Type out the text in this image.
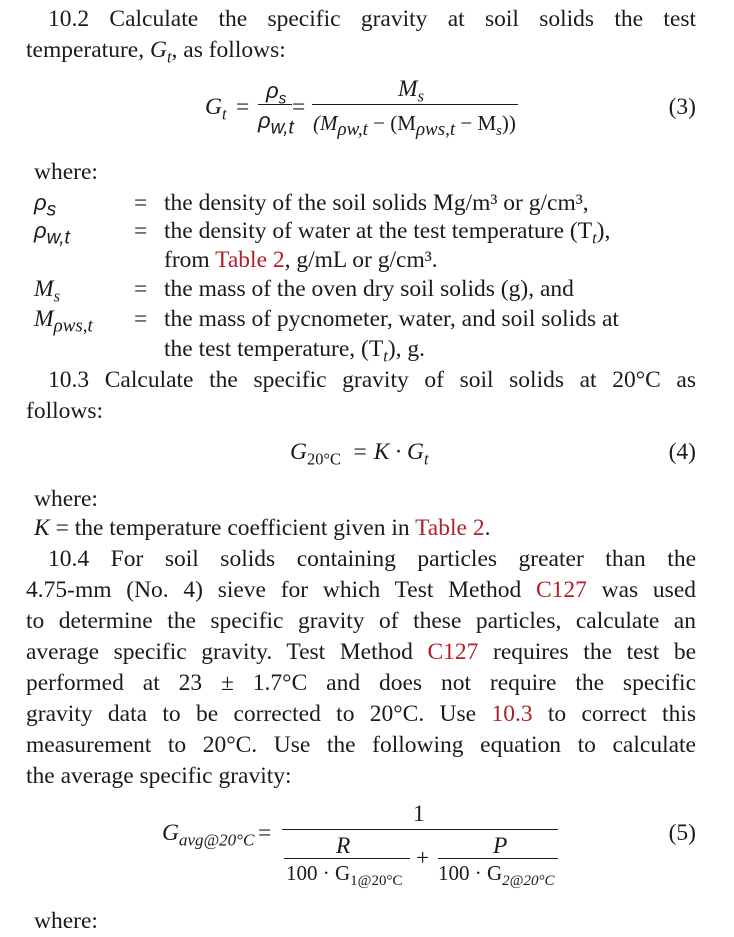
10.2 Calculate the specific gravity at soil solids the test
temperature, $G_t$, as follows:
$G_t$ =
$\rho_s$
$\rho_{w,t}$
=
$M_s$
$(M_{\rho w,t} - (M_{\rho ws,t} - M_s))$
(3)
where:
$\rho_s$	= the density of the soil solids Mg/m³ or g/cm³,
$\rho_{w,t}$	= the density of water at the test temperature $(T_t)$,
from Table 2, g/mL or g/cm³.
$M_s$	= the mass of the oven dry soil solids (g), and
$M_{\rho ws,t}$ = the mass of pycnometer, water, and soil solids at
the test temperature, $(T_t)$, g.
10.3 Calculate the specific gravity of soil solids at 20°C as
follows:
$G_{20^\circ C} = K \cdot G_t$	(4)
where:
K = the temperature coefficient given in Table 2.
10.4 For soil solids containing particles greater than the
4.75-mm (No. 4) sieve for which Test Method C127 was used
to determine the specific gravity of these particles, calculate an
average specific gravity. Test Method C127 requires the test be
performed at 23 ± 1.7°C and does not require the specific
gravity data to be corrected to 20°C. Use 10.3 to correct this
measurement to 20°C. Use the following equation to calculate
the average specific gravity:
$G_{avg@20^\circ C}$ =
1
R
$100 \cdot G_{1@20^\circ C}$
+	P
$100 \cdot G_{2@20^\circ C}$
(5)
where:
